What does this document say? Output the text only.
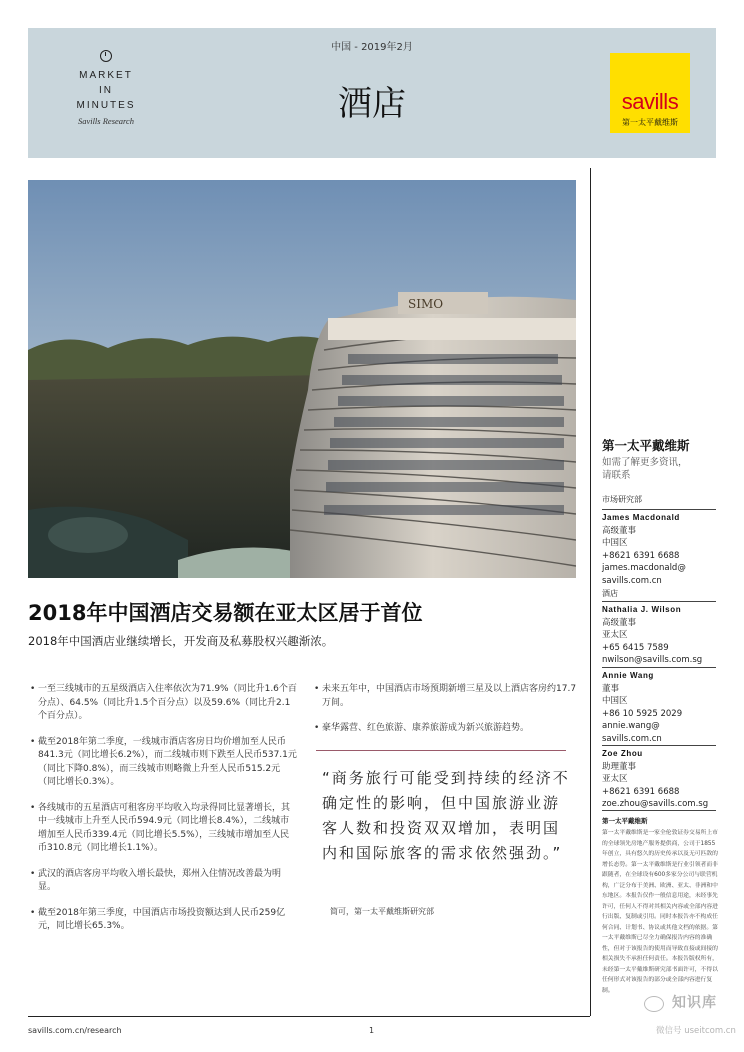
MARKET
IN
MINUTES
Savills Research
中国 - 2019年2月
酒店	savills
第一太平戴维斯
SIMO
2018年中国酒店交易额在亚太区居于首位
2018年中国酒店业继续增长，开发商及私募股权兴趣渐浓。
• 一至三线城市的五星级酒店入住率依次为71.9%（同比升1.6个百分点）、64.5%（同比升1.5个百分点）以及59.6%（同比升2.1个百分点）。
• 截至2018年第二季度，一线城市酒店客房日均价增加至人民币841.3元（同比增长6.2%），而二线城市则下跌至人民币537.1元（同比下降0.8%），而三线城市则略微上升至人民币515.2元（同比增长0.3%）。
• 各线城市的五星酒店可租客房平均收入均录得同比显著增长，其中一线城市上升至人民币594.9元（同比增长8.4%），二线城市增加至人民币339.4元（同比增长5.5%），三线城市增加至人民币310.8元（同比增长1.1%）。
• 武汉的酒店客房平均收入增长最快，郑州入住情况改善最为明显。
• 截至2018年第三季度，中国酒店市场投资额达到人民币259亿元，同比增长65.3%。
• 未来五年中，中国酒店市场预期新增三星及以上酒店客房约17.7万间。
• 豪华露营、红色旅游、康养旅游成为新兴旅游趋势。
“商务旅行可能受到持续的经济不确定性的影响，但中国旅游业游客人数和投资双双增加，表明国内和国际旅客的需求依然强劲。”
简可，第一太平戴维斯研究部
第一太平戴维斯
如需了解更多资讯，
请联系
市场研究部
James Macdonald
高级董事
中国区
+8621 6391 6688
james.macdonald@
savills.com.cn
酒店
Nathalia J. Wilson
高级董事
亚太区
+65 6415 7589
nwilson@savills.com.sg
Annie Wang
董事
中国区
+86 10 5925 2029
annie.wang@
savills.com.cn
Zoe Zhou
助理董事
亚太区
+8621 6391 6688
zoe.zhou@savills.com.sg
第一太平戴维斯
第一太平戴维斯是一家全伦敦证券交易所上市的全球领先房地产服务提供商，公司于1855年创立，具有悠久的历史传承以及无可匹敌的增长态势。第一太平戴维斯是行业引领者而非跟随者，在全球设有600多家分公司与联营机构，广泛分布于美洲、欧洲、亚太、非洲和中东地区。本报告仅作一般信息用途，未经事先许可，任何人不得对其相关内容或全部内容进行出版、复制或引用。同时本报告亦不构成任何合同、计划书、协议或其他文档的依据。第一太平戴维斯已尽全力确保报告内容的准确性，但对于该报告的使用而导致直接或间接的相关损失不承担任何责任。本报告版权所有，未经第一太平戴维斯研究部书面许可，不得以任何形式对该报告的部分或全部内容进行复制。
savills.com.cn/research	1
知识库
微信号 useitcom.cn
